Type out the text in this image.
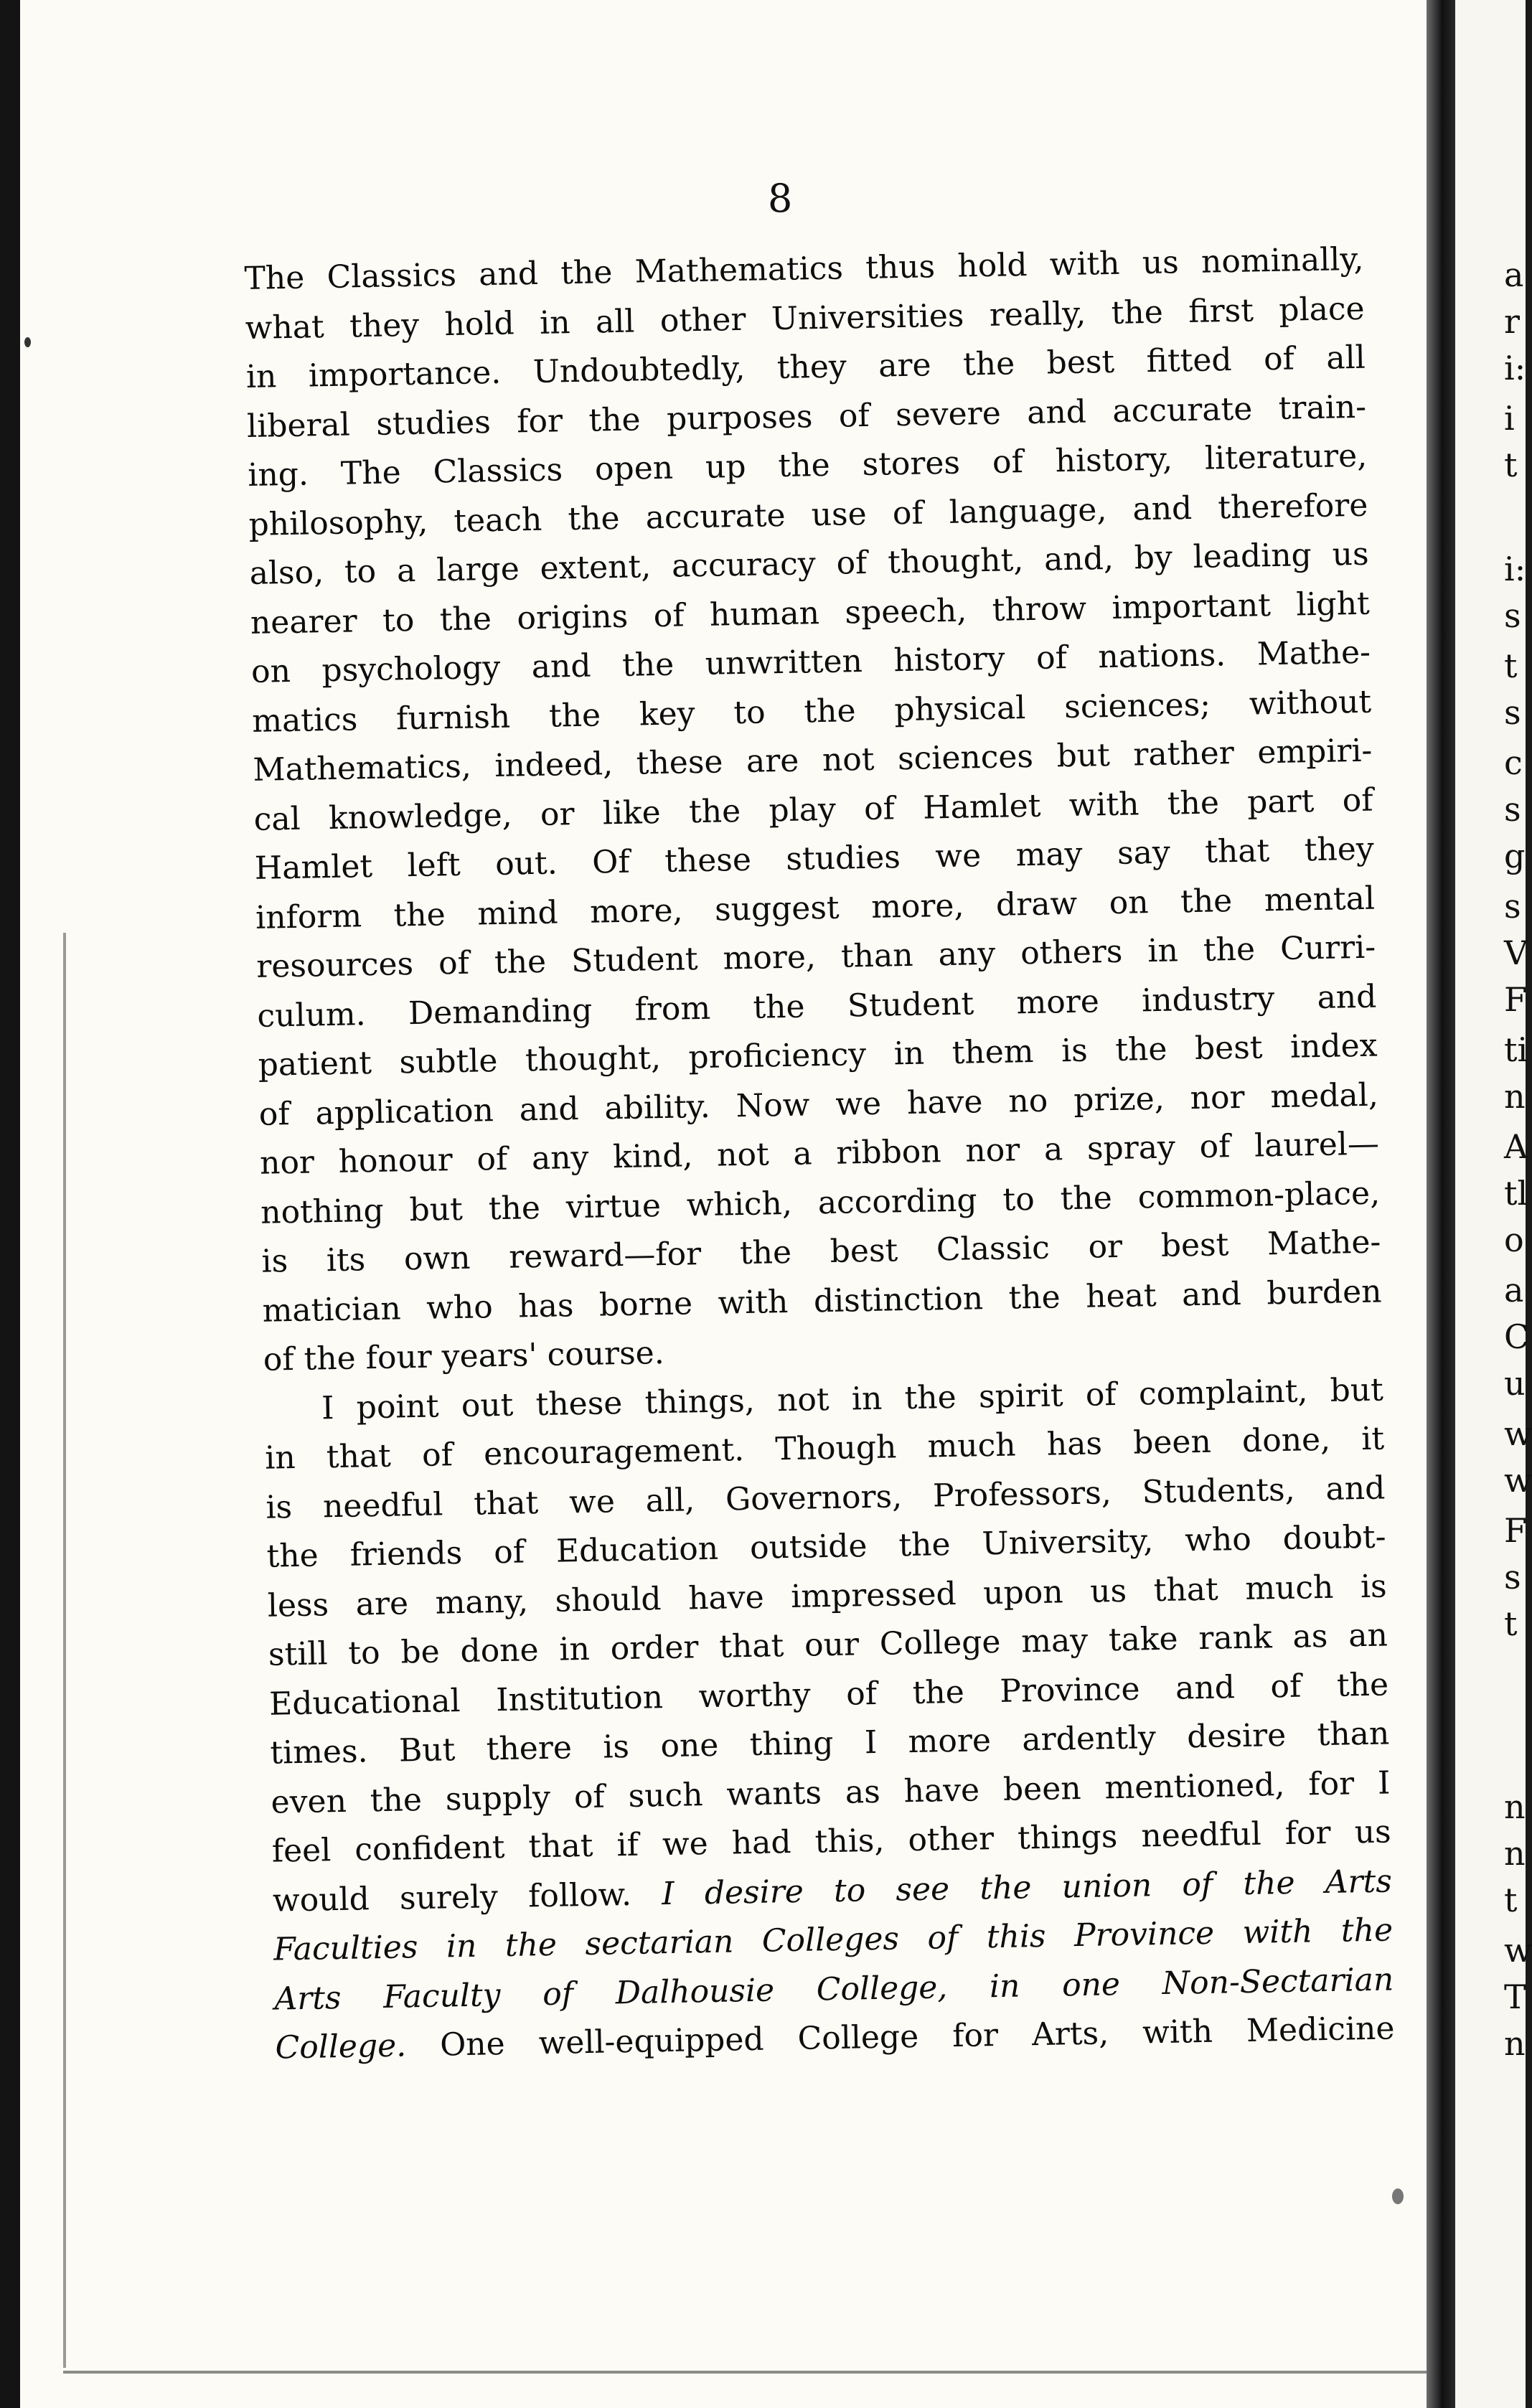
8
The Classics and the Mathematics thus hold with us nominally,
what they hold in all other Universities really, the first place
in importance. Undoubtedly, they are the best fitted of all
liberal studies for the purposes of severe and accurate train-
ing. The Classics open up the stores of history, literature,
philosophy, teach the accurate use of language, and therefore
also, to a large extent, accuracy of thought, and, by leading us
nearer to the origins of human speech, throw important light
on psychology and the unwritten history of nations. Mathe-
matics furnish the key to the physical sciences; without
Mathematics, indeed, these are not sciences but rather empiri-
cal knowledge, or like the play of Hamlet with the part of
Hamlet left out. Of these studies we may say that they
inform the mind more, suggest more, draw on the mental
resources of the Student more, than any others in the Curri-
culum. Demanding from the Student more industry and
patient subtle thought, proficiency in them is the best index
of application and ability. Now we have no prize, nor medal,
nor honour of any kind, not a ribbon nor a spray of laurel—
nothing but the virtue which, according to the common-place,
is its own reward—for the best Classic or best Mathe-
matician who has borne with distinction the heat and burden
of the four years' course.
I point out these things, not in the spirit of complaint, but
in that of encouragement. Though much has been done, it
is needful that we all, Governors, Professors, Students, and
the friends of Education outside the University, who doubt-
less are many, should have impressed upon us that much is
still to be done in order that our College may take rank as an
Educational Institution worthy of the Province and of the
times. But there is one thing I more ardently desire than
even the supply of such wants as have been mentioned, for I
feel confident that if we had this, other things needful for us
would surely follow. I desire to see the union of the Arts
Faculties in the sectarian Colleges of this Province with the
Arts Faculty of Dalhousie College, in one Non-Sectarian
College. One well-equipped College for Arts, with Medicine
a
r
i:
i
t
i:
s
t
s
c
s
g
s
V
F
ti
n
A
tl
o
a
C
u
w
w
F
s
t
n
n
t
w
T
n
